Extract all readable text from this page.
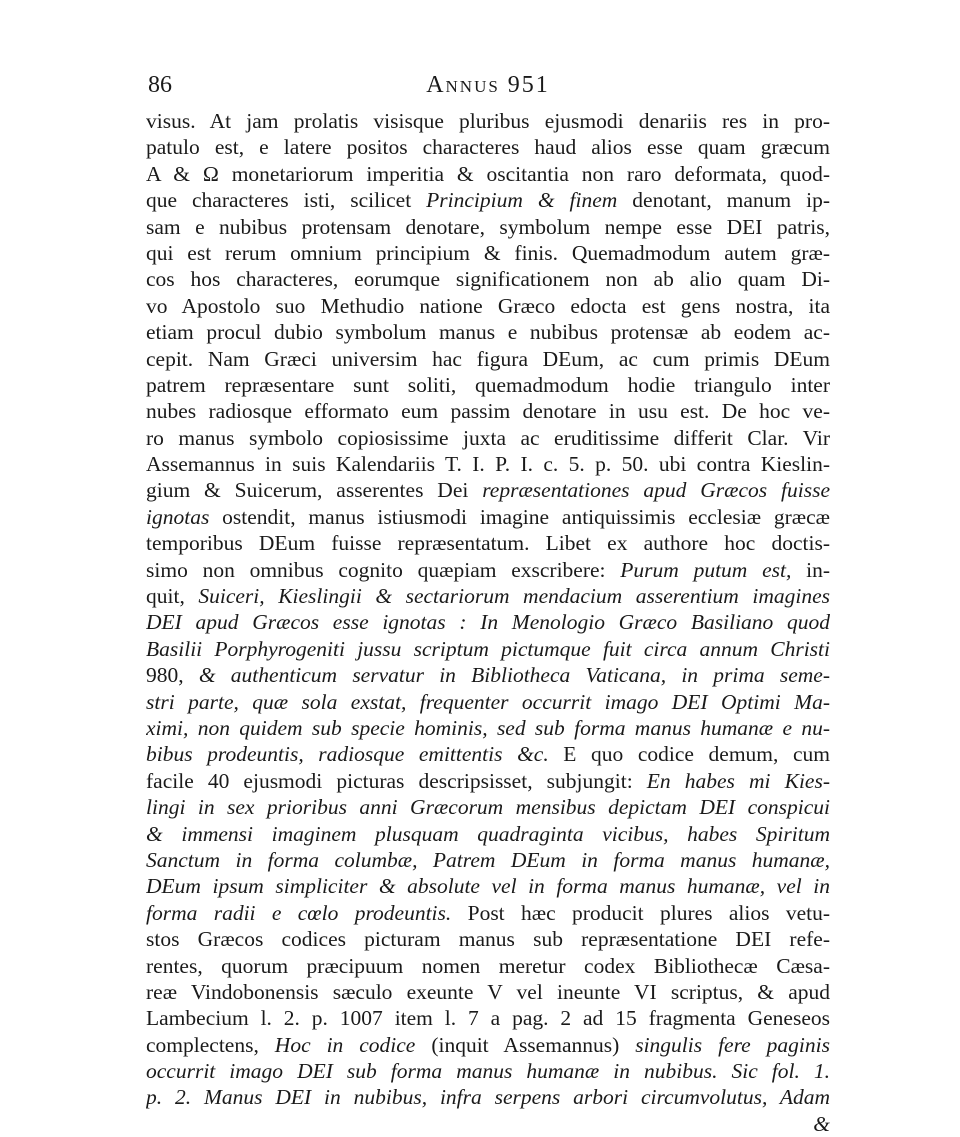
86	Annus 951
visus. At jam prolatis visisque pluribus ejusmodi denariis res in pro-
patulo est, e latere positos characteres haud alios esse quam græcum
A & Ω monetariorum imperitia & oscitantia non raro deformata, quod-
que characteres isti, scilicet Principium & finem denotant, manum ip-
sam e nubibus protensam denotare, symbolum nempe esse DEI patris,
qui est rerum omnium principium & finis. Quemadmodum autem græ-
cos hos characteres, eorumque significationem non ab alio quam Di-
vo Apostolo suo Methudio natione Græco edocta est gens nostra, ita
etiam procul dubio symbolum manus e nubibus protensæ ab eodem ac-
cepit. Nam Græci universim hac figura DEum, ac cum primis DEum
patrem repræsentare sunt soliti, quemadmodum hodie triangulo inter
nubes radiosque efformato eum passim denotare in usu est. De hoc ve-
ro manus symbolo copiosissime juxta ac eruditissime differit Clar. Vir
Assemannus in suis Kalendariis T. I. P. I. c. 5. p. 50. ubi contra Kieslin-
gium & Suicerum, asserentes Dei repræsentationes apud Græcos fuisse
ignotas ostendit, manus istiusmodi imagine antiquissimis ecclesiæ græcæ
temporibus DEum fuisse repræsentatum. Libet ex authore hoc doctis-
simo non omnibus cognito quæpiam exscribere: Purum putum est, in-
quit, Suiceri, Kieslingii & sectariorum mendacium asserentium imagines
DEI apud Græcos esse ignotas : In Menologio Græco Basiliano quod
Basilii Porphyrogeniti jussu scriptum pictumque fuit circa annum Christi
980, & authenticum servatur in Bibliotheca Vaticana, in prima seme-
stri parte, quæ sola exstat, frequenter occurrit imago DEI Optimi Ma-
ximi, non quidem sub specie hominis, sed sub forma manus humanæ e nu-
bibus prodeuntis, radiosque emittentis &c. E quo codice demum, cum
facile 40 ejusmodi picturas descripsisset, subjungit: En habes mi Kies-
lingi in sex prioribus anni Græcorum mensibus depictam DEI conspicui
& immensi imaginem plusquam quadraginta vicibus, habes Spiritum
Sanctum in forma columbæ, Patrem DEum in forma manus humanæ,
DEum ipsum simpliciter & absolute vel in forma manus humanæ, vel in
forma radii e cœlo prodeuntis. Post hæc producit plures alios vetu-
stos Græcos codices picturam manus sub repræsentatione DEI refe-
rentes, quorum præcipuum nomen meretur codex Bibliothecæ Cæsa-
reæ Vindobonensis sæculo exeunte V vel ineunte VI scriptus, & apud
Lambecium l. 2. p. 1007 item l. 7 a pag. 2 ad 15 fragmenta Geneseos
complectens, Hoc in codice (inquit Assemannus) singulis fere paginis
occurrit imago DEI sub forma manus humanæ in nubibus. Sic fol. 1.
p. 2. Manus DEI in nubibus, infra serpens arbori circumvolutus, Adam
&
